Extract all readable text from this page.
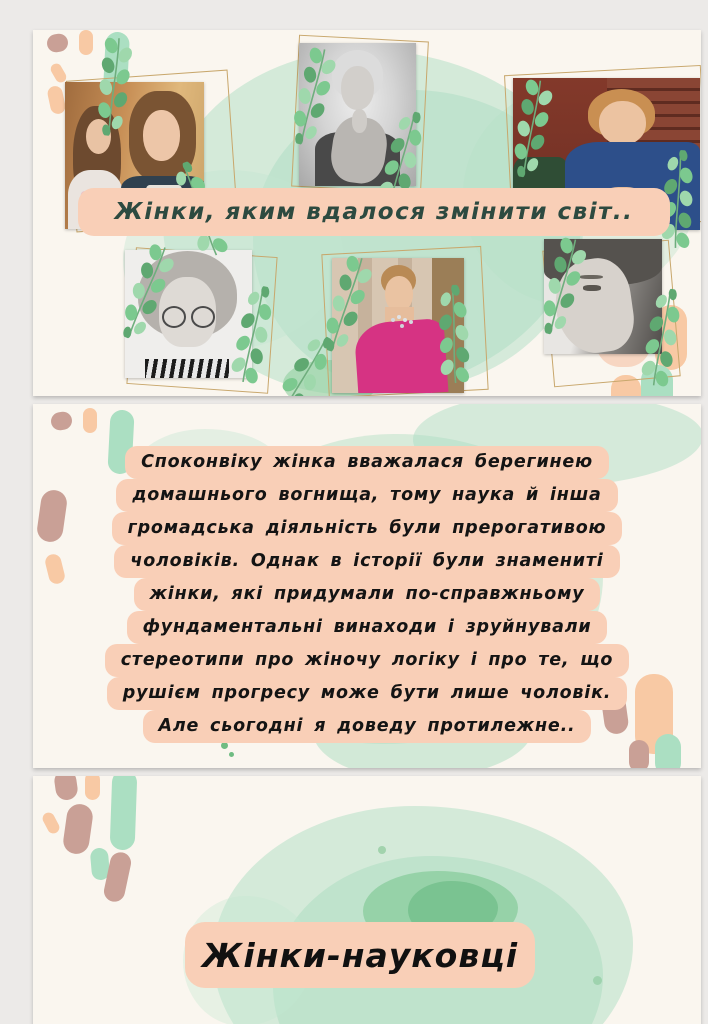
Жінки, яким вдалося змінити світ..
Споконвіку жінка вважалася берегинею
домашнього вогнища, тому наука й інша
громадська діяльність були прерогативою
чоловіків. Однак в історії були знамениті
жінки, які придумали по-справжньому
фундаментальні винаходи і зруйнували
стереотипи про жіночу логіку і про те, що
рушієм прогресу може бути лише чоловік.
Але сьогодні я доведу протилежне..
Жінки-науковці
